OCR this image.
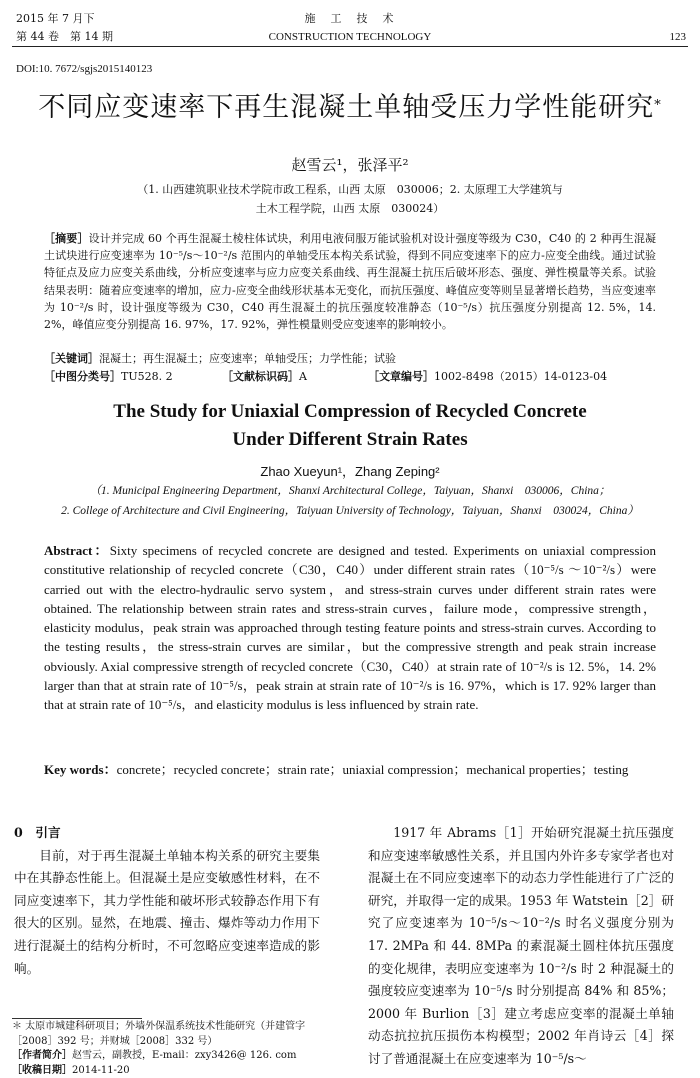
2015 年 7 月下
第 44 卷　第 14 期
施　工　技　术
CONSTRUCTION TECHNOLOGY	123
DOI:10. 7672/sgjs2015140123
不同应变速率下再生混凝土单轴受压力学性能研究*
赵雪云¹，张泽平²
（1. 山西建筑职业技术学院市政工程系，山西 太原　030006；2. 太原理工大学建筑与
土木工程学院，山西 太原　030024）
［摘要］设计并完成 60 个再生混凝土棱柱体试块，利用电液伺服万能试验机对设计强度等级为 C30，C40 的 2 种再生混凝土试块进行应变速率为 10⁻⁵/s～10⁻²/s 范围内的单轴受压本构关系试验，得到不同应变速率下的应力-应变全曲线。通过试验特征点及应力应变关系曲线，分析应变速率与应力应变关系曲线、再生混凝土抗压后破坏形态、强度、弹性模量等关系。试验结果表明：随着应变速率的增加，应力-应变全曲线形状基本无变化，而抗压强度、峰值应变等则呈显著增长趋势，当应变速率为 10⁻²/s 时，设计强度等级为 C30，C40 再生混凝土的抗压强度较准静态（10⁻⁵/s）抗压强度分别提高 12. 5%，14. 2%，峰值应变分别提高 16. 97%，17. 92%，弹性模量则受应变速率的影响较小。
［关键词］混凝土；再生混凝土；应变速率；单轴受压；力学性能；试验
［中图分类号］TU528. 2	［文献标识码］A	［文章编号］1002-8498（2015）14-0123-04
The Study for Uniaxial Compression of Recycled Concrete
Under Different Strain Rates
Zhao Xueyun¹，Zhang Zeping²
（1. Municipal Engineering Department，Shanxi Architectural College，Taiyuan，Shanxi　030006，China；
2. College of Architecture and Civil Engineering，Taiyuan University of Technology，Taiyuan，Shanxi　030024，China）
Abstract：Sixty specimens of recycled concrete are designed and tested. Experiments on uniaxial compression constitutive relationship of recycled concrete（C30，C40）under different strain rates（10⁻⁵/s ～10⁻²/s）were carried out with the electro-hydraulic servo system，and stress-strain curves under different strain rates were obtained. The relationship between strain rates and stress-strain curves，failure mode，compressive strength，elasticity modulus，peak strain was approached through testing feature points and stress-strain curves. According to the testing results，the stress-strain curves are similar，but the compressive strength and peak strain increase obviously. Axial compressive strength of recycled concrete（C30，C40）at strain rate of 10⁻²/s is 12. 5%，14. 2% larger than that at strain rate of 10⁻⁵/s，peak strain at strain rate of 10⁻²/s is 16. 97%，which is 17. 92% larger than that at strain rate of 10⁻⁵/s，and elasticity modulus is less influenced by strain rate.
Key words：concrete；recycled concrete；strain rate；uniaxial compression；mechanical properties；testing
0　引言
目前，对于再生混凝土单轴本构关系的研究主要集中在其静态性能上。但混凝土是应变敏感性材料，在不同应变速率下，其力学性能和破坏形式较静态作用下有很大的区别。显然，在地震、撞击、爆炸等动力作用下进行混凝土的结构分析时，不可忽略应变速率造成的影响。
1917 年 Abrams［1］开始研究混凝土抗压强度和应变速率敏感性关系，并且国内外许多专家学者也对混凝土在不同应变速率下的动态力学性能进行了广泛的研究，并取得一定的成果。1953 年 Watstein［2］研究了应变速率为 10⁻⁵/s～10⁻²/s 时名义强度分别为 17. 2MPa 和 44. 8MPa 的素混凝土圆柱体抗压强度的变化规律，表明应变速率为 10⁻²/s 时 2 种混凝土的强度较应变速率为 10⁻⁵/s 时分别提高 84% 和 85%；2000 年 Burlion［3］建立考虑应变率的混凝土单轴动态抗拉抗压损伤本构模型；2002 年肖诗云［4］探讨了普通混凝土在应变速率为 10⁻⁵/s～
＊ 太原市城建科研项目；外墙外保温系统技术性能研究（并建管字［2008］392 号；并财城［2008］332 号）
［作者简介］赵雪云，副教授，E-mail：zxy3426@ 126. com
［收稿日期］2014-11-20
